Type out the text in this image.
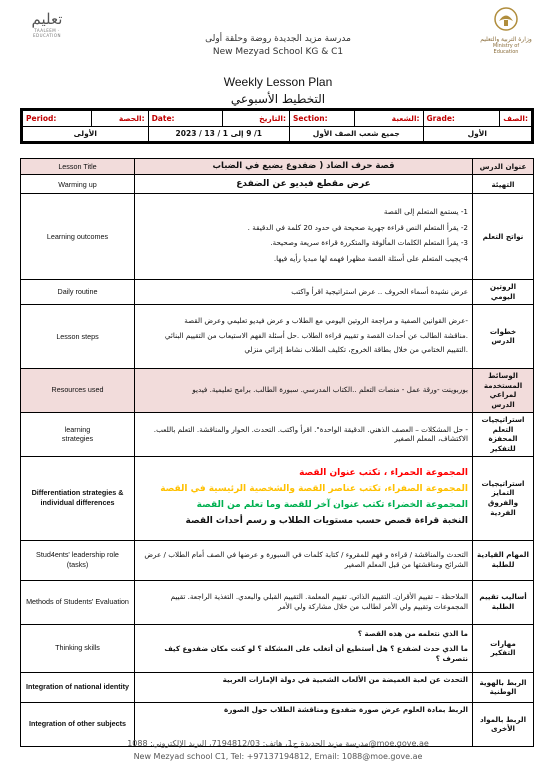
تعليم
TAALEEM · EDUCATION
وزارة التربية والتعليم
Ministry of Education
مدرسة مزيد الجديدة روضة وحلقة أولى
New Mezyad School KG & C1
Weekly Lesson Plan
التخطيط الأسبوعي
Period:	الحصة:	Date:	التاريخ:	Section:	الشعبة:	Grade:	الصف:
الأولى		1/ 9 إلى 1 / 13 / 2023		جميع شعب الصف الأول		الأول	
Lesson Title	قصة حرف الضاد ( ضفدوع يضيع في الضباب	عنوان الدرس
Warming up	عرض مقطع فيديو عن الضفدع	التهيئة
Learning outcomes	1- يستمع المتعلم إلى القصة
2- يقرأ المتعلم النص قراءة جهرية صحيحة في حدود 20 كلمة في الدقيقة .
3- يقرأ المتعلم الكلمات المألوفة والمتكررة قراءة سريعة وصحيحة.
4-يجيب المتعلم على أسئلة القصة مظهرا فهمه لها مبديا رأيه فيها.	نواتج التعلم
Daily routine	عرض نشيدة أسماء الحروف .. عرض استراتيجية اقرأ واكتب	الروتين اليومي
Lesson steps	-عرض القوانين الصفية و مراجعة الروتين اليومي مع الطلاب و عرض فيديو تعليمي وعرض القصة
.مناقشة الطالب عن أحداث القصة و تقييم قراءة الطلاب .حل أسئلة الفهم الاستيعاب من التقييم البنائي
.التقييم الختامي من خلال بطاقة الخروج، تكليف الطلاب نشاط إثرائي منزلي	خطوات الدرس
Resources used	بوربوينت -ورقة عمل - منصات التعلم ..الكتاب المدرسي. سبورة الطالب. برامج تعليمية. فيديو	الوسائط المستخدمة لمراعي الدرس

learning
strategies	- حل المشكلات – العصف الذهني. الدقيقة الواحدة". اقرأ واكتب. التحدث. الحوار والمناقشة. التعلم باللعب. الاكتشاف، المعلم الصغير	استراتيجيات التعلم المحفزة للتفكير
Differentiation strategies & individual differences	المجموعة الحمراء ، تكتب عنوان القصة
المجموعة الصفراء، تكتب عناصر القصة والشخصية الرئيسية في القصة
المجموعة الخضراء تكتب عنوان آخر للقصة وما تعلم من القصة
النخبة قراءة قصص حسب مستويات الطلاب و رسم أحداث القصة	استراتيجيات التمايز والفروق الفردية
Stud4ents' leadership role (tasks)	التحدث والمناقشة / قراءة و فهم للمقروء / كتابة كلمات في السبورة و عرضها في الصف أمام الطلاب / عرض الشرائح ومناقشتها من قبل المعلم الصغير	المهام القيادية للطلبة
Methods of Students' Evaluation	الملاحظة – تقييم الأقران. التقييم الذاتي. تقييم المعلمة. التقييم القبلي والبعدي. التغذية الراجعة. تقييم المجموعات وتقييم ولي الأمر لطالب من خلال مشاركة ولي الأمر	أساليب تقييم الطلبة
Thinking skills	ما الذي نتعلمه من هذه القصة ؟
ما الذي حدث لضفدع ؟ هل أستطيع أن أتغلب على المشكلة ؟ لو كنت مكان ضفدوع كيف نتصرف ؟	مهارات التفكير
Integration of national identity	التحدث عن لعبة الغميضة من الألعاب الشعبية في دولة الإمارات العربية	الربط بالهوية الوطنية
Integration of other subjects	الربط بمادة العلوم عرض صورة ضفدوع ومناقشة الطلاب حول الصورة	الربط بالمواد الأخرى
مدرسة مزيد الجديدة ح1، هاتف: 7194812/03، البريد الإلكتروني: 1088@moe.gove.ae
New Mezyad school C1, Tel: +97137194812, Email: 1088@moe.gove.ae
